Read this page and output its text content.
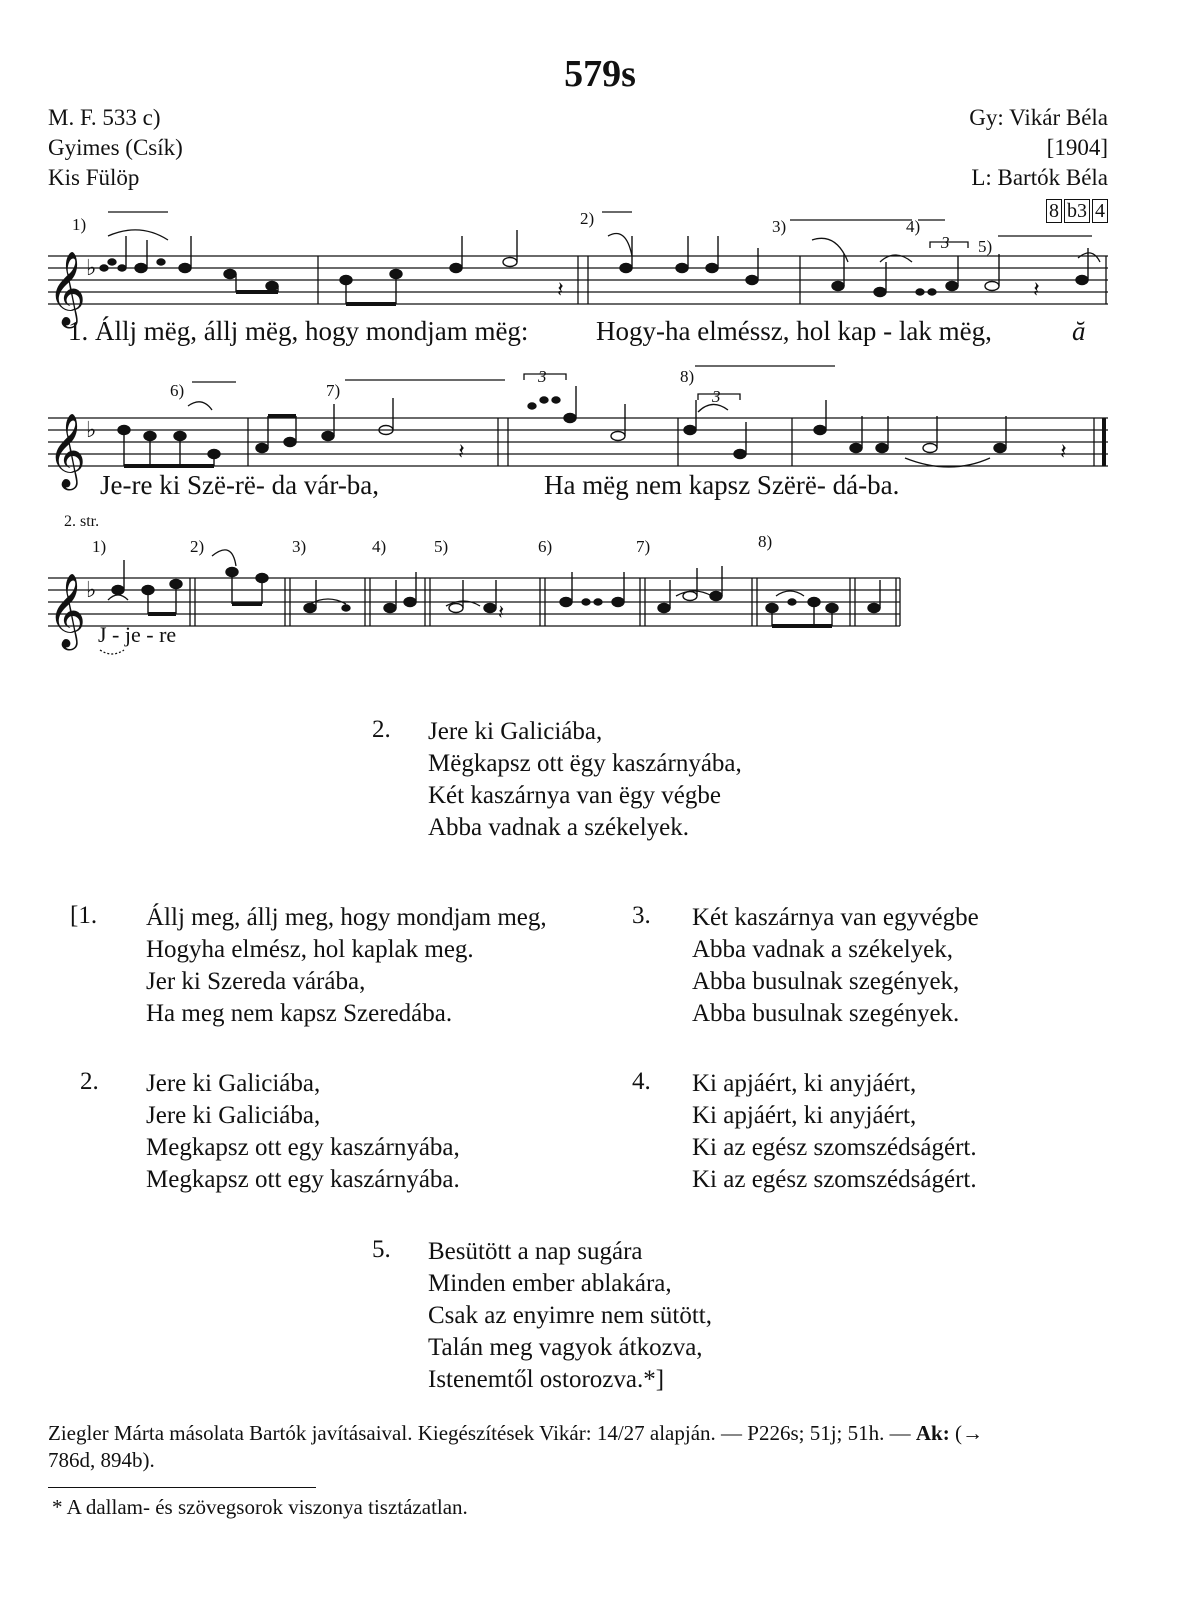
579s
M. F. 533 c)
Gyimes (Csík)
Kis Fülöp
Gy: Vikár Béla
[1904]
L: Bartók Béla
8 b3 4
𝄞
𝄞
𝄞
♭
♭
♭
𝄽	𝄽
𝄽	𝄽
𝄽
1)	2)	3)	4)
5)
6)	7)
8)
1)	2)	3)	4)	5)	6)	7)	8)
3
3
3
1. Állj mëg, állj mëg, hogy mondjam mëg:	Hogy-ha elméssz, hol kap - lak mëg,	ă
Je-re ki Szë-rë- da vár-ba,	Ha mëg nem kapsz Szërë- dá-ba.
2. str.
J - je - re
2. Jere ki Galiciába,
Mëgkapsz ott ëgy kaszárnyába,
Két kaszárnya van ëgy végbe
Abba vadnak a székelyek.
[1. Állj meg, állj meg, hogy mondjam meg,
Hogyha elmész, hol kaplak meg.
Jer ki Szereda várába,
Ha meg nem kapsz Szeredába.
2. Jere ki Galiciába,
Jere ki Galiciába,
Megkapsz ott egy kaszárnyába,
Megkapsz ott egy kaszárnyába.
3. Két kaszárnya van egyvégbe
Abba vadnak a székelyek,
Abba busulnak szegények,
Abba busulnak szegények.
4. Ki apjáért, ki anyjáért,
Ki apjáért, ki anyjáért,
Ki az egész szomszédságért.
Ki az egész szomszédságért.
5. Besütött a nap sugára
Minden ember ablakára,
Csak az enyimre nem sütött,
Talán meg vagyok átkozva,
Istenemtől ostorozva.*]
Ziegler Márta másolata Bartók javításaival. Kiegészítések Vikár: 14/27 alapján. — P226s; 51j; 51h. — Ak: (→
786d, 894b).
* A dallam- és szövegsorok viszonya tisztázatlan.
